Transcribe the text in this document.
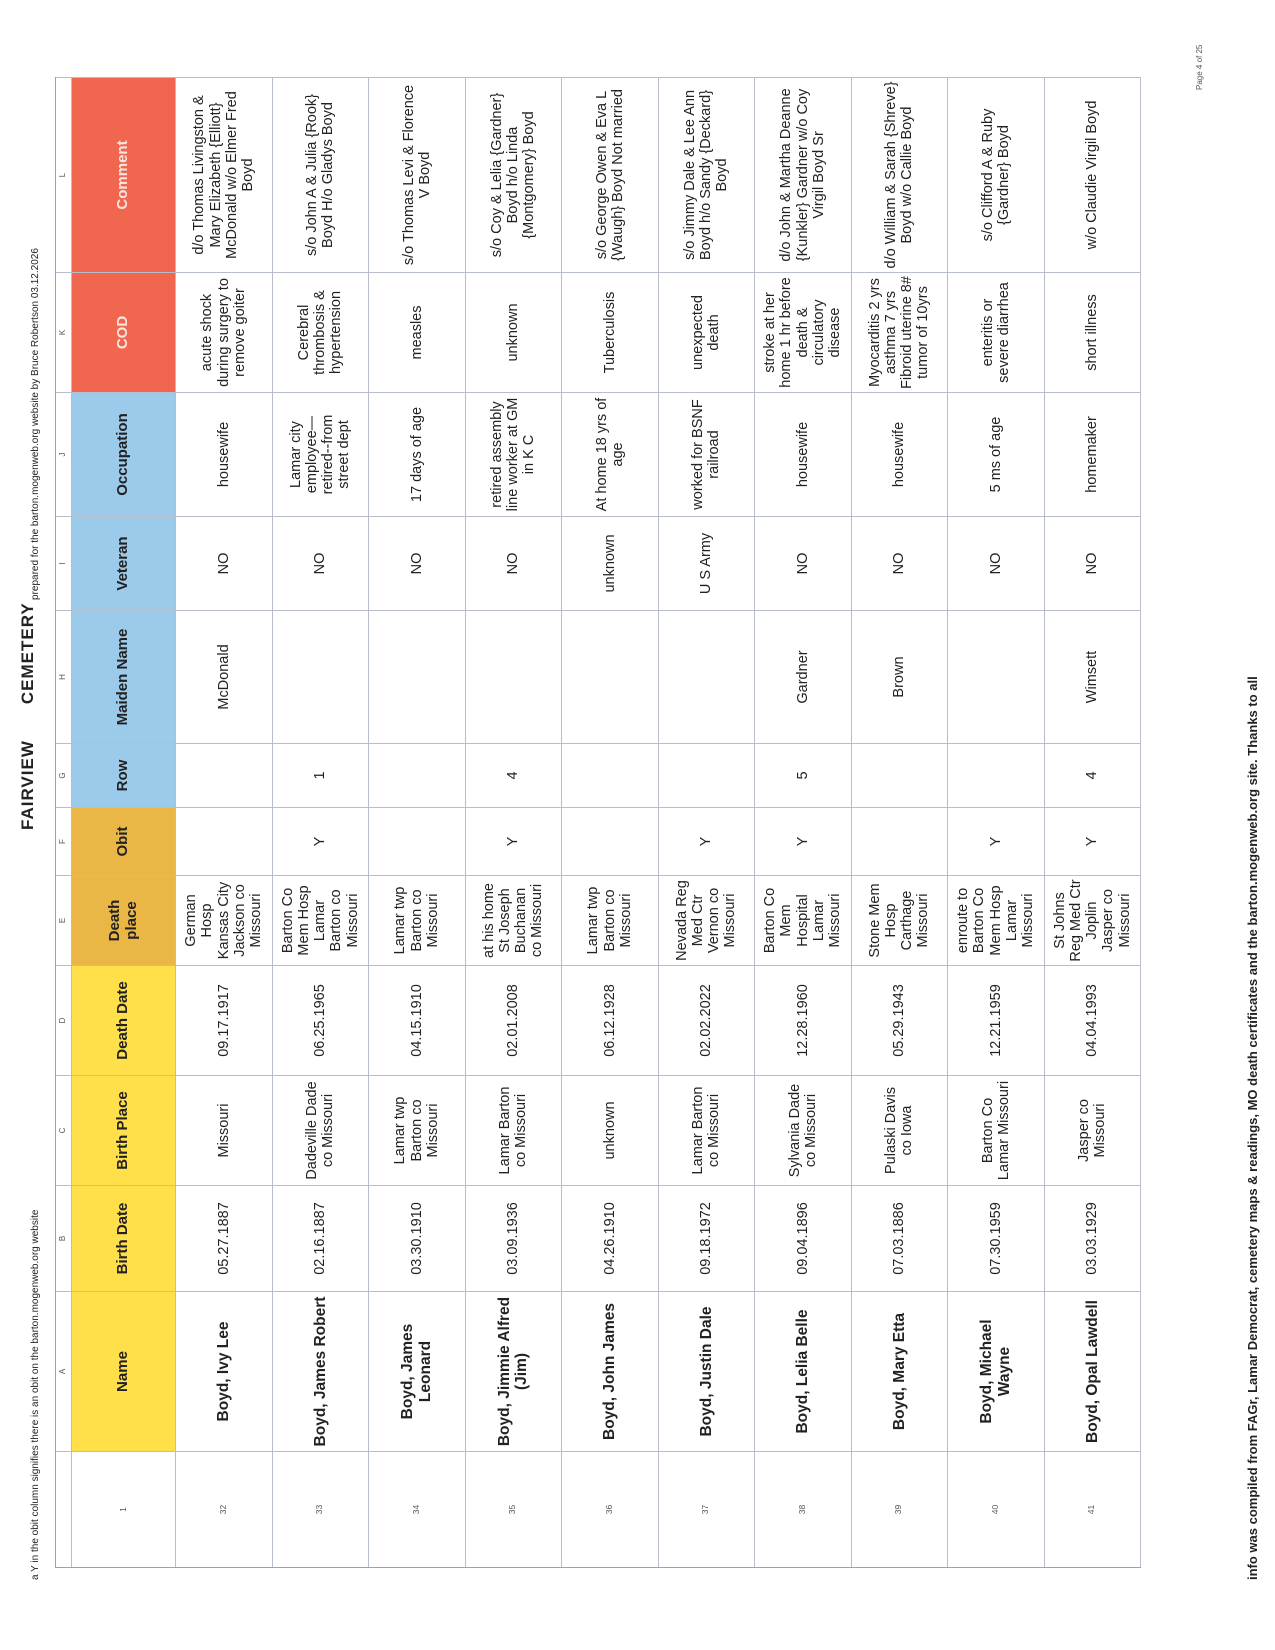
FAIRVIEWCEMETERY
a Y in the obit column signifies there is an obit on the barton.mogenweb.org website
prepared for the barton.mogenweb.org website by Bruce Robertson 03.12.2026
A
B
C
D
E
F
G
H
I
J
K
L
1
Name
Birth Date
Birth Place
Death Date
Death place
Obit
Row
Maiden Name
Veteran
Occupation
COD
Comment
32
Boyd, Ivy Lee
05.27.1887
Missouri
09.17.1917
German Hosp Kansas City Jackson co Missouri
McDonald
NO
housewife
acute shock during surgery to remove goiter
d/o Thomas Livingston & Mary Elizabeth {Elliott} McDonald w/o Elmer Fred Boyd
33
Boyd, James Robert
02.16.1887
Dadeville Dade co Missouri
06.25.1965
Barton Co Mem Hosp Lamar Barton co Missouri
Y
1
NO
Lamar city employee—retired--from street dept
Cerebral thrombosis & hypertension
s/o John A & Julia {Rook} Boyd H/o Gladys Boyd
34
Boyd, James Leonard
03.30.1910
Lamar twp Barton co Missouri
04.15.1910
Lamar twp Barton co Missouri
NO
17 days of age
measles
s/o Thomas Levi & Florence V Boyd
35
Boyd, Jimmie Alfred (Jim)
03.09.1936
Lamar Barton co Missouri
02.01.2008
at his home St Joseph Buchanan co Missouri
Y
4
NO
retired assembly line worker at GM in K C
unknown
s/o Coy & Lelia {Gardner} Boyd h/o Linda {Montgomery} Boyd
36
Boyd, John James
04.26.1910
unknown
06.12.1928
Lamar twp Barton co Missouri
unknown
At home 18 yrs of age
Tuberculosis
s/o George Owen & Eva L {Waugh} Boyd Not married
37
Boyd, Justin Dale
09.18.1972
Lamar Barton co Missouri
02.02.2022
Nevada Reg Med Ctr Vernon co Missouri
Y
U S Army
worked for BSNF railroad
unexpected death
s/o Jimmy Dale & Lee Ann Boyd h/o Sandy {Deckard} Boyd
38
Boyd, Lelia Belle
09.04.1896
Sylvania Dade co Missouri
12.28.1960
Barton Co Mem Hospital Lamar Missouri
Y
5
Gardner
NO
housewife
stroke at her home 1 hr before death & circulatory disease
d/o John & Martha Deanne {Kunkler} Gardner w/o Coy Virgil Boyd Sr
39
Boyd, Mary Etta
07.03.1886
Pulaski Davis co Iowa
05.29.1943
Stone Mem Hosp Carthage Missouri
Brown
NO
housewife
Myocarditis 2 yrs asthma 7 yrs Fibroid uterine 8# tumor of 10yrs
d/o William & Sarah {Shreve} Boyd w/o Callie Boyd
40
Boyd, Michael Wayne
07.30.1959
Barton Co Lamar Missouri
12.21.1959
enroute to Barton Co Mem Hosp Lamar Missouri
Y
NO
5 ms of age
enteritis or severe diarrhea
s/o Clifford A & Ruby {Gardner} Boyd
41
Boyd, Opal Lawdell
03.03.1929
Jasper co Missouri
04.04.1993
St Johns Reg Med Ctr Joplin Jasper co Missouri
Y
4
Wimsett
NO
homemaker
short illness
w/o Claudie Virgil Boyd
info was compiled from FAGr, Lamar Democrat, cemetery maps & readings, MO death certificates and the barton.mogenweb.org site. Thanks to all
Page 4 of 25
